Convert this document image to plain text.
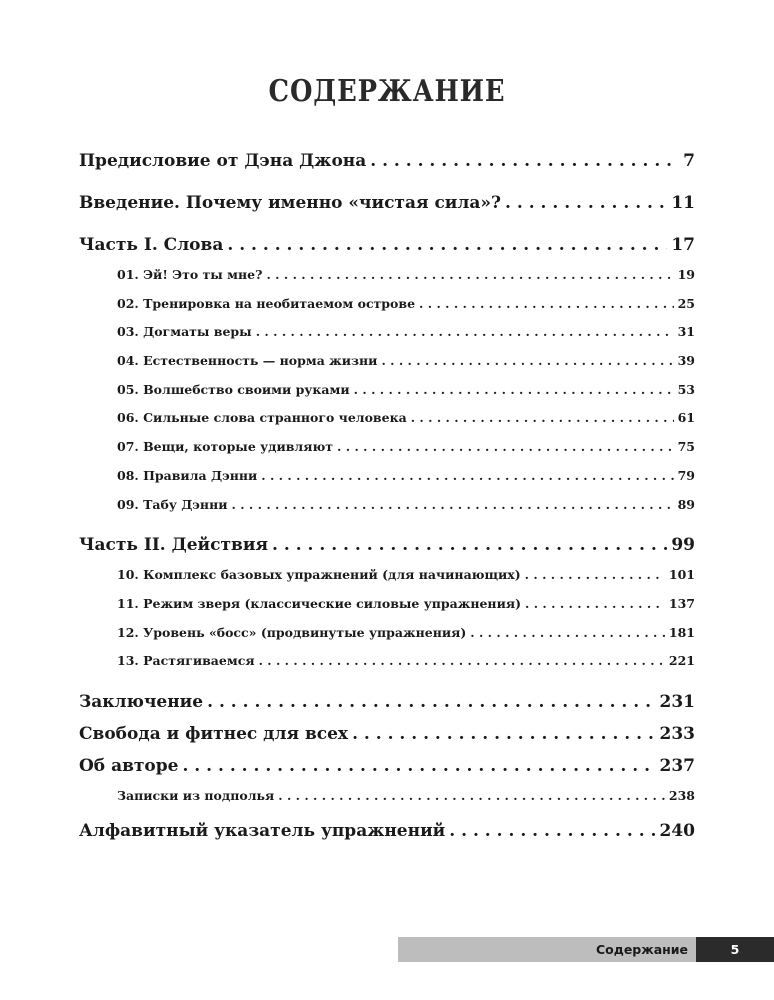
СОДЕРЖАНИЕ
Предисловие от Дэна Джона . . .	7
Введение. Почему именно «чистая сила»? . . .	11
Часть I. Слова . . .	17
01. Эй! Это ты мне? . . .	19
02. Тренировка на необитаемом острове . . .	25
03. Догматы веры . . .	31
04. Естественность — норма жизни . . .	39
05. Волшебство своими руками . . .	53
06. Сильные слова странного человека . . .	61
07. Вещи, которые удивляют . . .	75
08. Правила Дэнни . . .	79
09. Табу Дэнни . . .	89
Часть II. Действия . . .	99
10. Комплекс базовых упражнений (для начинающих) . . .	101
11. Режим зверя (классические силовые упражнения) . . .	137
12. Уровень «босс» (продвинутые упражнения) . . .	181
13. Растягиваемся . . .	221
Заключение . . .	231
Свобода и фитнес для всех . . .	233
Об авторе . . .	237
Записки из подполья . . .	238
Алфавитный указатель упражнений . . .	240
Содержание	5
